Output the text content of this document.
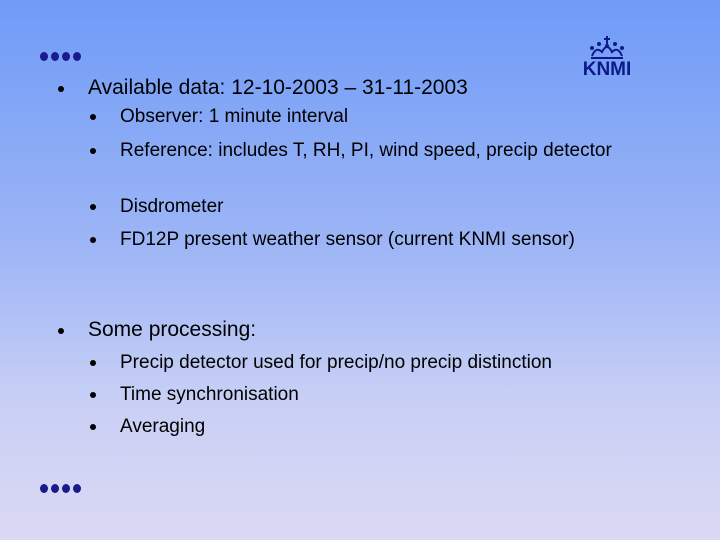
KNMI
Available data: 12-10-2003 – 31-11-2003
Observer: 1 minute interval
Reference: includes T, RH, PI, wind speed, precip detector
Disdrometer
FD12P present weather sensor (current KNMI sensor)
Some processing:
Precip detector used for precip/no precip distinction
Time synchronisation
Averaging
